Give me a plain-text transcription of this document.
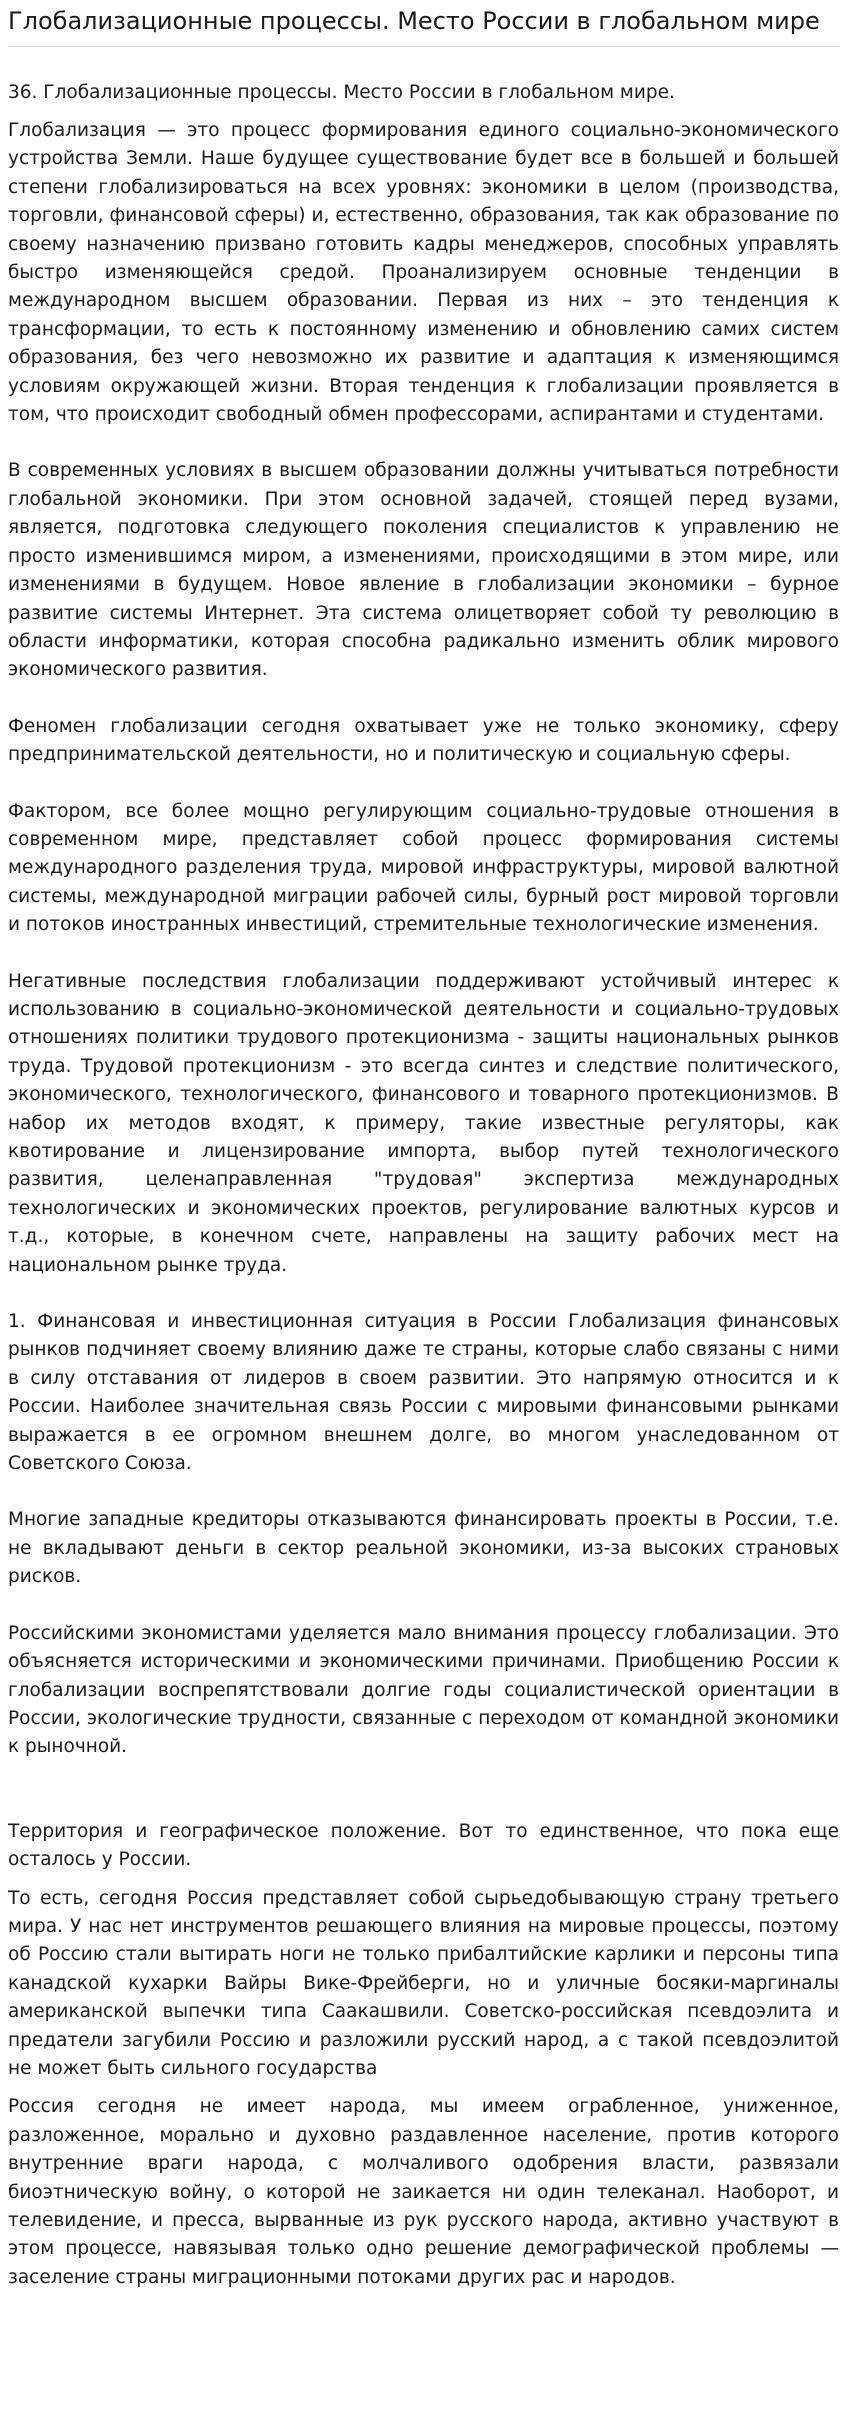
Глобализационные процессы. Место России в глобальном мире
36. Глобализационные процессы. Место России в глобальном мире.

Глобализация — это процесс формирования единого социально-экономического устройства Земли. Наше будущее существование будет все в большей и большей степени глобализироваться на всех уровнях: экономики в целом (производства, торговли, финансовой сферы) и, естественно, образования, так как образование по своему назначению призвано готовить кадры менеджеров, способных управлять быстро изменяющейся средой. Проанализируем основные тенденции в международном высшем образовании. Первая из них – это тенденция к трансформации, то есть к постоянному изменению и обновлению самих систем образования, без чего невозможно их развитие и адаптация к изменяющимся условиям окружающей жизни. Вторая тенденция к глобализации проявляется в том, что происходит свободный обмен профессорами, аспирантами и студентами.

В современных условиях в высшем образовании должны учитываться потребности глобальной экономики. При этом основной задачей, стоящей перед вузами, является, подготовка следующего поколения специалистов к управлению не просто изменившимся миром, а изменениями, происходящими в этом мире, или изменениями в будущем. Новое явление в глобализации экономики – бурное развитие системы Интернет. Эта система олицетворяет собой ту революцию в области информатики, которая способна радикально изменить облик мирового экономического развития.

Феномен глобализации сегодня охватывает уже не только экономику, сферу предпринимательской деятельности, но и политическую и социальную сферы.

Фактором, все более мощно регулирующим социально-трудовые отношения в современном мире, представляет собой процесс формирования системы международного разделения труда, мировой инфраструктуры, мировой валютной системы, международной миграции рабочей силы, бурный рост мировой торговли и потоков иностранных инвестиций, стремительные технологические изменения.

Негативные последствия глобализации поддерживают устойчивый интерес к использованию в социально-экономической деятельности и социально-трудовых отношениях политики трудового протекционизма - защиты национальных рынков труда. Трудовой протекционизм - это всегда синтез и следствие политического, экономического, технологического, финансового и товарного протекционизмов. В набор их методов входят, к примеру, такие известные регуляторы, как квотирование и лицензирование импорта, выбор путей технологического развития, целенаправленная "трудовая" экспертиза международных технологических и экономических проектов, регулирование валютных курсов и т.д., которые, в конечном счете, направлены на защиту рабочих мест на национальном рынке труда.

1. Финансовая и инвестиционная ситуация в России Глобализация финансовых рынков подчиняет своему влиянию даже те страны, которые слабо связаны с ними в силу отставания от лидеров в своем развитии. Это напрямую относится и к России. Наиболее значительная связь России с мировыми финансовыми рынками выражается в ее огромном внешнем долге, во многом унаследованном от Советского Союза.

Многие западные кредиторы отказываются финансировать проекты в России, т.е. не вкладывают деньги в сектор реальной экономики, из-за высоких страновых рисков.

Российскими экономистами уделяется мало внимания процессу глобализации. Это объясняется историческими и экономическими причинами. Приобщению России к глобализации воспрепятствовали долгие годы социалистической ориентации в России, экологические трудности, связанные с переходом от командной экономики к рыночной.

Территория и географическое положение. Вот то единственное, что пока еще осталось у России.

То есть, сегодня Россия представляет собой сырьедобывающую страну третьего мира. У нас нет инструментов решающего влияния на мировые процессы, поэтому об Россию стали вытирать ноги не только прибалтийские карлики и персоны типа канадской кухарки Вайры Вике-Фрейберги, но и уличные босяки-маргиналы американской выпечки типа Саакашвили. Советско-российская псевдоэлита и предатели загубили Россию и разложили русский народ, а с такой псевдоэлитой не может быть сильного государства

Россия сегодня не имеет народа, мы имеем ограбленное, униженное, разложенное, морально и духовно раздавленное население, против которого внутренние враги народа, с молчаливого одобрения власти, развязали биоэтническую войну, о которой не заикается ни один телеканал. Наоборот, и телевидение, и пресса, вырванные из рук русского народа, активно участвуют в этом процессе, навязывая только одно решение демографической проблемы — заселение страны миграционными потоками других рас и народов.
